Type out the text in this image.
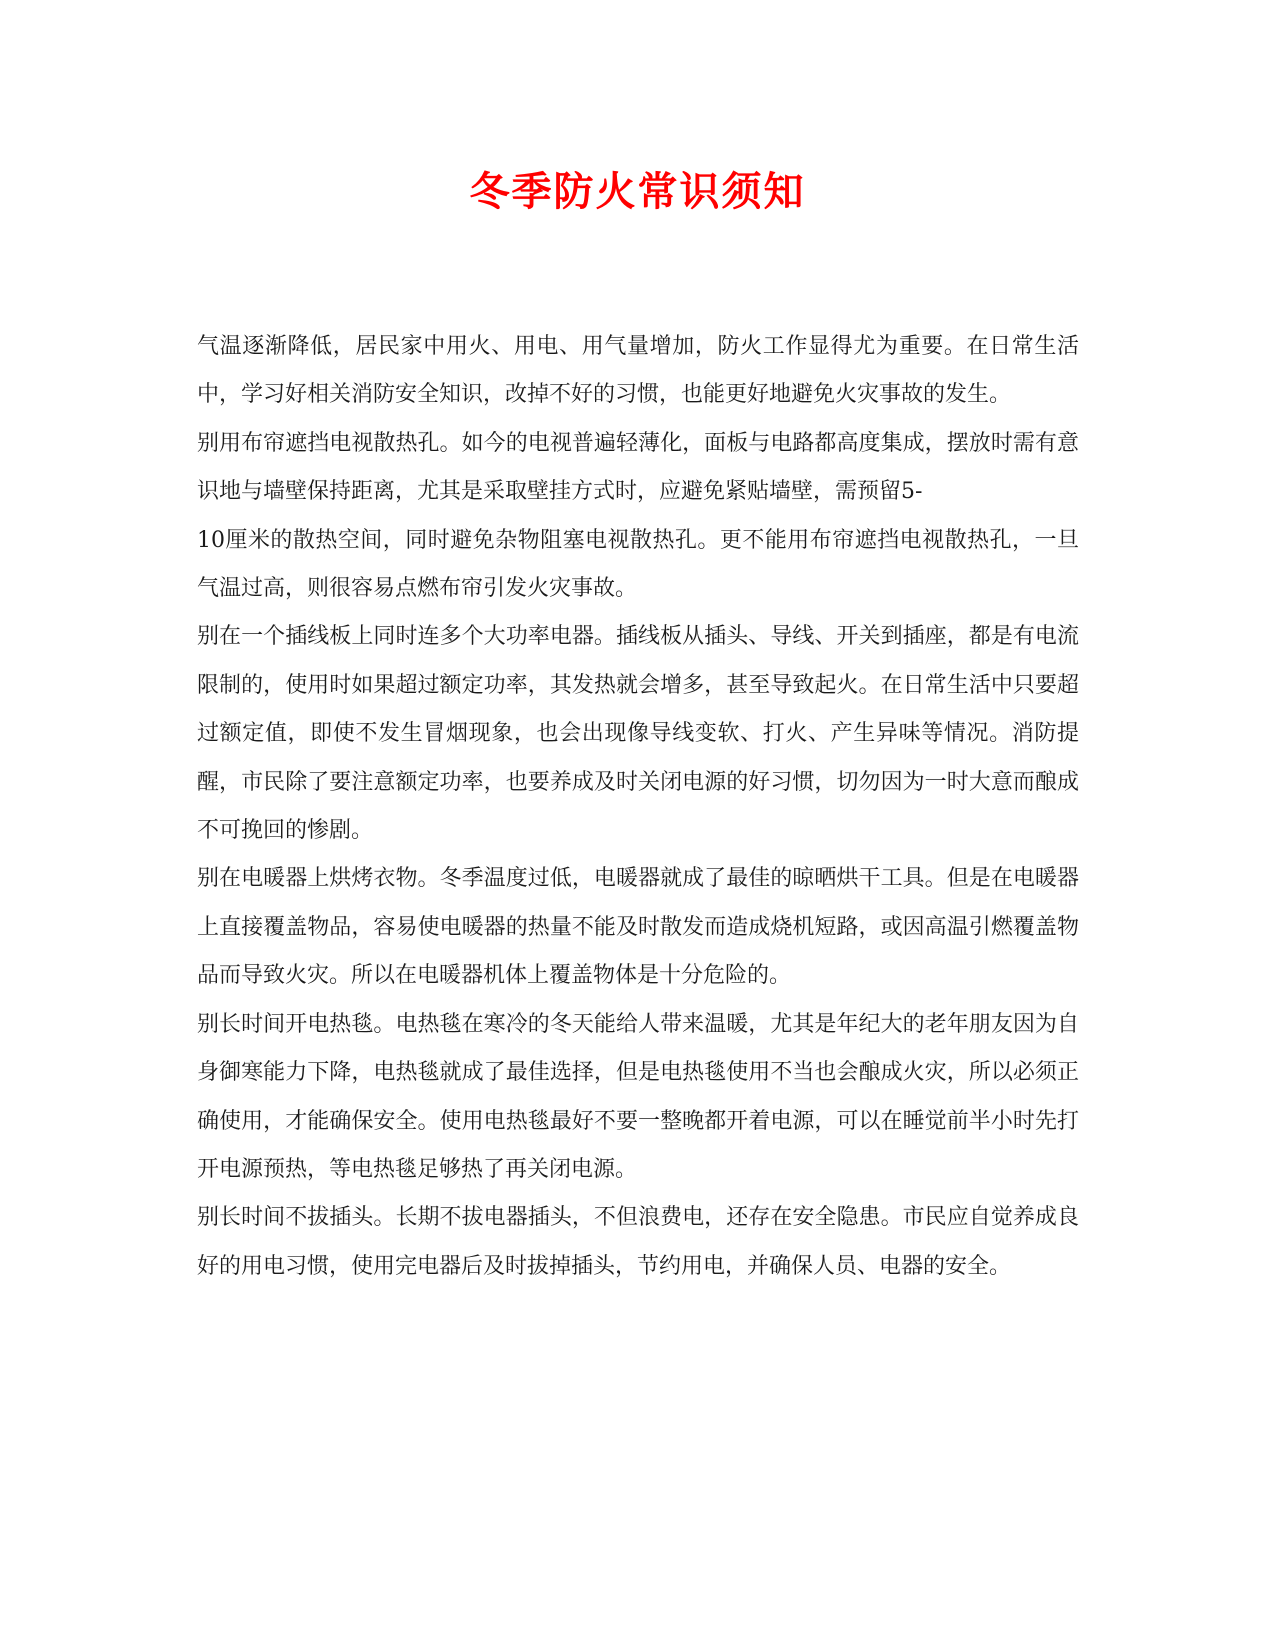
冬季防火常识须知

气温逐渐降低，居民家中用火、用电、用气量增加，防火工作显得尤为重要。在日常生活中，学习好相关消防安全知识，改掉不好的习惯，也能更好地避免火灾事故的发生。

别用布帘遮挡电视散热孔。如今的电视普遍轻薄化，面板与电路都高度集成，摆放时需有意识地与墙壁保持距离，尤其是采取壁挂方式时，应避免紧贴墙壁，需预留5-

10厘米的散热空间，同时避免杂物阻塞电视散热孔。更不能用布帘遮挡电视散热孔，一旦气温过高，则很容易点燃布帘引发火灾事故。

别在一个插线板上同时连多个大功率电器。插线板从插头、导线、开关到插座，都是有电流限制的，使用时如果超过额定功率，其发热就会增多，甚至导致起火。在日常生活中只要超过额定值，即使不发生冒烟现象，也会出现像导线变软、打火、产生异味等情况。消防提醒，市民除了要注意额定功率，也要养成及时关闭电源的好习惯，切勿因为一时大意而酿成不可挽回的惨剧。

别在电暖器上烘烤衣物。冬季温度过低，电暖器就成了最佳的晾晒烘干工具。但是在电暖器上直接覆盖物品，容易使电暖器的热量不能及时散发而造成烧机短路，或因高温引燃覆盖物品而导致火灾。所以在电暖器机体上覆盖物体是十分危险的。

别长时间开电热毯。电热毯在寒冷的冬天能给人带来温暖，尤其是年纪大的老年朋友因为自身御寒能力下降，电热毯就成了最佳选择，但是电热毯使用不当也会酿成火灾，所以必须正确使用，才能确保安全。使用电热毯最好不要一整晚都开着电源，可以在睡觉前半小时先打开电源预热，等电热毯足够热了再关闭电源。

别长时间不拔插头。长期不拔电器插头，不但浪费电，还存在安全隐患。市民应自觉养成良好的用电习惯，使用完电器后及时拔掉插头，节约用电，并确保人员、电器的安全。
